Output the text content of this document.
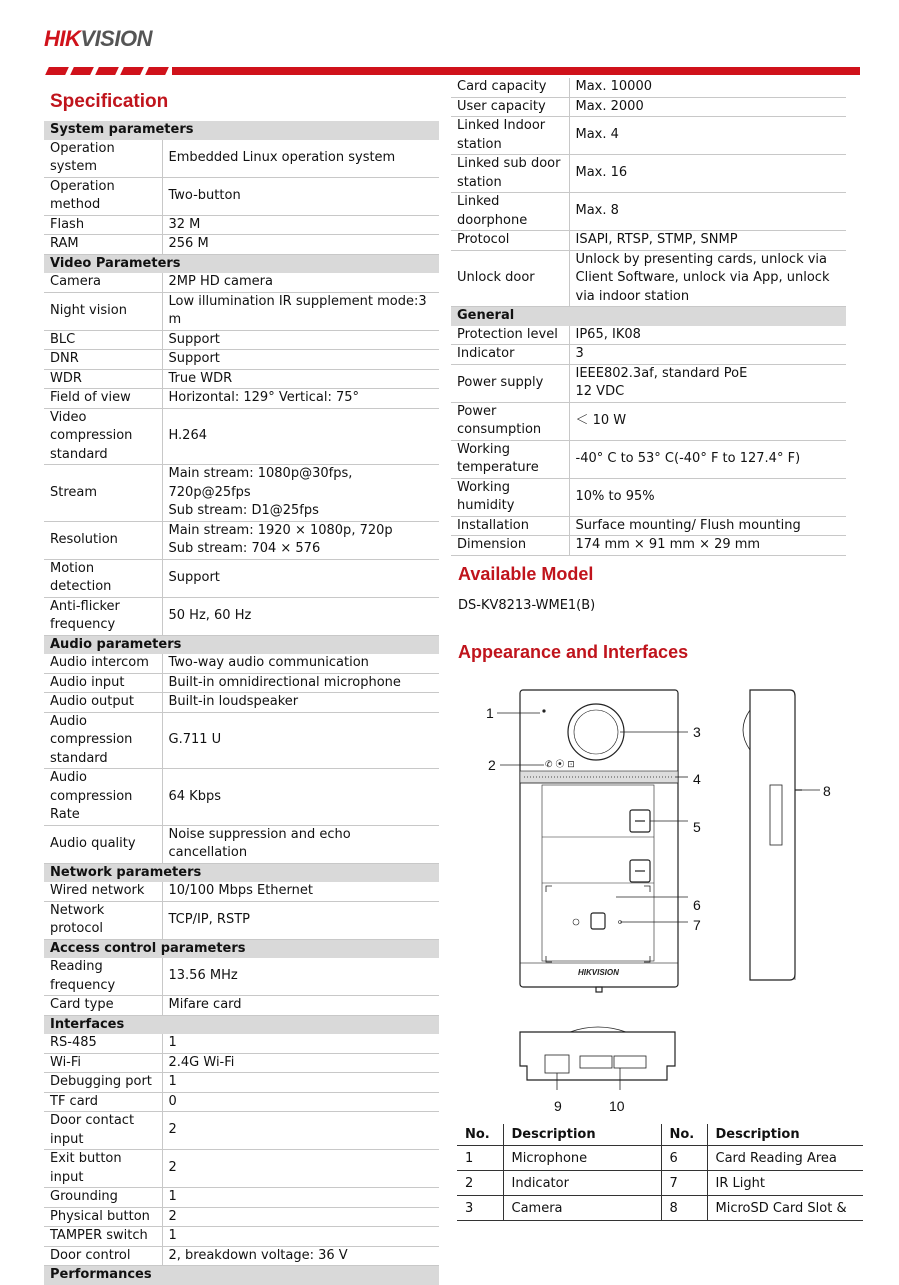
HIKVISION
Specification
System parameters	
Operation system	Embedded Linux operation system
Operation method	Two-button
Flash	32 M
RAM	256 M
Video Parameters	
Camera	2MP HD camera
Night vision	Low illumination IR supplement mode:3 m
BLC	Support
DNR	Support
WDR	True WDR
Field of view	Horizontal: 129° Vertical: 75°
Video compression standard	H.264
Stream	Main stream: 1080p@30fps, 720p@25fps
Sub stream: D1@25fps
Resolution	Main stream: 1920 × 1080p, 720p
Sub stream: 704 × 576
Motion detection	Support
Anti-flicker frequency	50 Hz, 60 Hz
Audio parameters	
Audio intercom	Two-way audio communication
Audio input	Built-in omnidirectional microphone
Audio output	Built-in loudspeaker
Audio compression standard	G.711 U
Audio compression Rate	64 Kbps
Audio quality	Noise suppression and echo cancellation
Network parameters	
Wired network	10/100 Mbps Ethernet
Network protocol	TCP/IP, RSTP
Access control parameters	
Reading frequency	13.56 MHz
Card type	Mifare card
Interfaces	
RS-485	1
Wi-Fi	2.4G Wi-Fi
Debugging port	1
TF card	0
Door contact input	2
Exit button input	2
Grounding	1
Physical button	2
TAMPER switch	1
Door control	2, breakdown voltage: 36 V
Performances	
Card capacity	Max. 10000
User capacity	Max. 2000
Linked Indoor station	Max. 4
Linked sub door station	Max. 16
Linked doorphone	Max. 8
Protocol	ISAPI, RTSP, STMP, SNMP
Unlock door	Unlock by presenting cards, unlock via Client Software, unlock via App, unlock via indoor station
General	
Protection level	IP65, IK08
Indicator	3
Power supply	IEEE802.3af, standard PoE
12 VDC
Power consumption	＜ 10 W
Working temperature	-40° C to 53° C(-40° F to 127.4° F)
Working humidity	10% to 95%
Installation	Surface mounting/ Flush mounting
Dimension	174 mm × 91 mm × 29 mm
Available Model
DS-KV8213-WME1(B)
Appearance and Interfaces
✆ ⦿ ⊡
HIKVISION
1
2
3
4
5
6
7
8
9	10
No.	Description	No.	Description
1	Microphone	6	Card Reading Area
2	Indicator	7	IR Light
3	Camera	8	MicroSD Card Slot &
